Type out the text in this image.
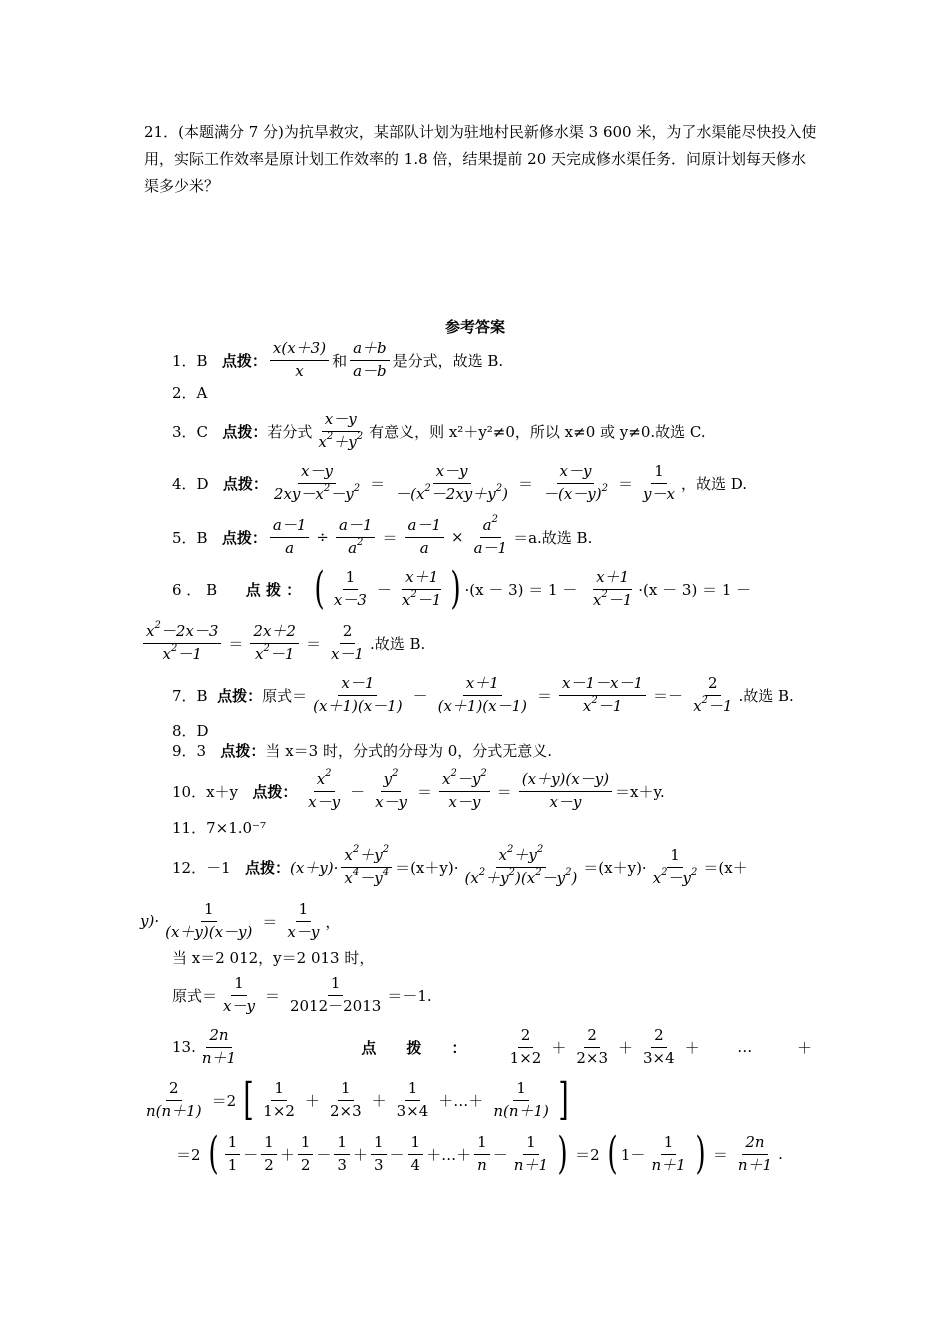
21．(本题满分 7 分)为抗旱救灾，某部队计划为驻地村民新修水渠 3 600 米，为了水渠能尽快投入使用，实际工作效率是原计划工作效率的 1.8 倍，结果提前 20 天完成修水渠任务．问原计划每天修水渠多少米？
参考答案
1．B
点拨： $\frac{x(x+3)}{x}$ 和 $\frac{a+b}{a-b}$ 是分式，故选 B.
2．A
3．C
点拨： 若分式 $\frac{x-y}{x^2+y^2}$ 有意义，则 x²＋y²≠0，所以 x≠0 或 y≠0.故选 C.
4．D
点拨： $\frac{x-y}{2xy-x^2-y^2} = \frac{x-y}{-(x^2-2xy+y^2)} = \frac{x-y}{-(x-y)^2} = \frac{1}{y-x}$ ，故选 D.
5．B
点拨： $\frac{a-1}{a} \div \frac{a-1}{a^2} = \frac{a-1}{a} \times \frac{a^2}{a-1} =a$.故选 B.
6 ． B
点 拨 ：
( $\frac{1}{x-3} - \frac{x+1}{x^2-1}$ ) ·(x － 3) ＝ 1 －
$\frac{x+1}{x^2-1} \cdot(x - 3) = 1$ －
$\frac{x^2-2x-3}{x^2-1} = \frac{2x+2}{x^2-1} = \frac{2}{x-1}$ .故选 B.
7．B
点拨： 原式＝ $\frac{x-1}{(x+1)(x-1)} - \frac{x+1}{(x+1)(x-1)} = \frac{x-1-x-1}{x^2-1} =- \frac{2}{x^2-1}$ .故选 B.
8．D
9．3 点拨：当 x＝3 时，分式的分母为 0，分式无意义.
10．x＋y
点拨：
$\frac{x^2}{x-y} - \frac{y^2}{x-y} = \frac{x^2-y^2}{x-y} = \frac{(x+y)(x-y)}{x-y} =x+y$.
11．7×1.0⁻⁷
12．－1
点拨： $(x+y)\cdot \frac{x^2+y^2}{x^4-y^4} =(x+y)\cdot \frac{x^2+y^2}{(x^2+y^2)(x^2-y^2)} =(x+y)\cdot \frac{1}{x^2-y^2} =(x+$
$y)\cdot \frac{1}{(x+y)(x-y)} = \frac{1}{x-y}$ ，
当 x＝2 012，y＝2 013 时，
原式＝ $\frac{1}{x-y} = \frac{1}{2012-2013} =-1$.
13. $\frac{2n}{n+1}$	点　　拨　　：	$\frac{2}{1\times 2} + \frac{2}{2\times 3} + \frac{2}{3\times 4}$ ＋	…	＋
$\frac{2}{n(n+1)} =2$ [ $\frac{1}{1\times 2} + \frac{1}{2\times 3} + \frac{1}{3\times 4}$ ＋…＋ $\frac{1}{n(n+1)}$ ]
＝2 ( $\frac{1}{1} - \frac{1}{2} + \frac{1}{2} - \frac{1}{3} + \frac{1}{3} - \frac{1}{4}$ ＋…＋ $\frac{1}{n} - \frac{1}{n+1}$ ) ＝2 ( $1- \frac{1}{n+1}$ ) ＝ $\frac{2n}{n+1}$ .
